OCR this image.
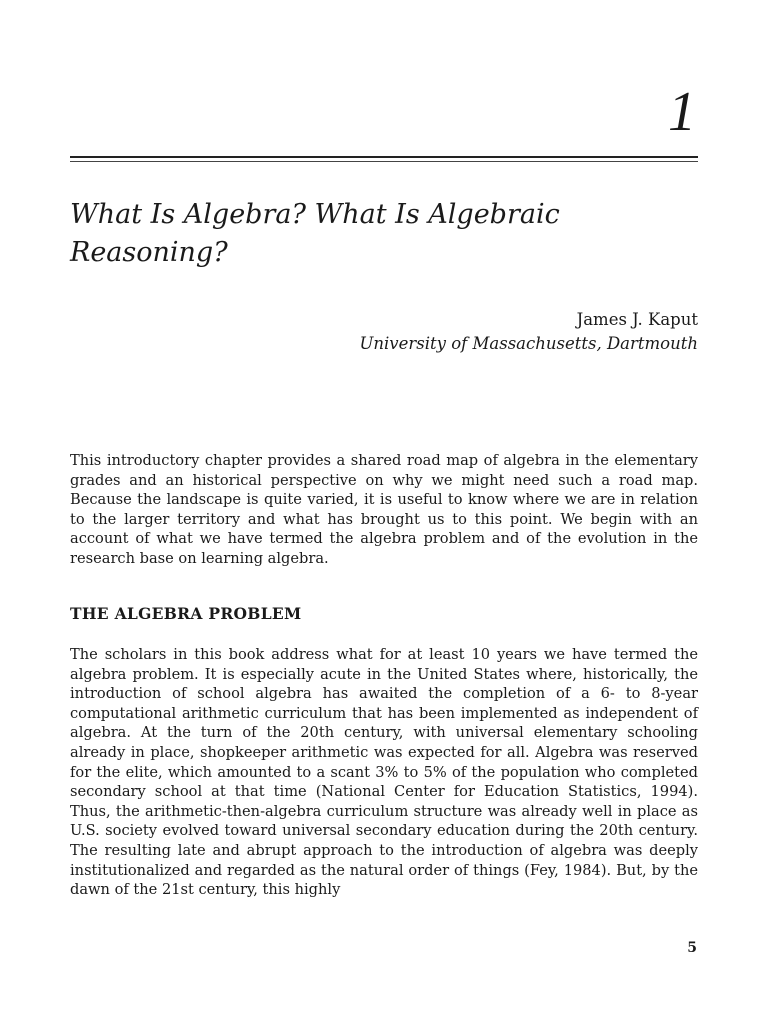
1
What Is Algebra? What Is Algebraic Reasoning?
James J. Kaput
University of Massachusetts, Dartmouth

This introductory chapter provides a shared road map of algebra in the elementary grades and an historical perspective on why we might need such a road map. Because the landscape is quite varied, it is useful to know where we are in relation to the larger territory and what has brought us to this point. We begin with an account of what we have termed the algebra problem and of the evolution in the research base on learning algebra.

THE ALGEBRA PROBLEM

The scholars in this book address what for at least 10 years we have termed the algebra problem. It is especially acute in the United States where, historically, the introduction of school algebra has awaited the completion of a 6- to 8-year computational arithmetic curriculum that has been implemented as independent of algebra. At the turn of the 20th century, with universal elementary schooling already in place, shopkeeper arithmetic was expected for all. Algebra was reserved for the elite, which amounted to a scant 3% to 5% of the population who completed secondary school at that time (National Center for Education Statistics, 1994). Thus, the arithmetic-then-algebra curriculum structure was already well in place as U.S. society evolved toward universal secondary education during the 20th century. The resulting late and abrupt approach to the introduction of algebra was deeply institutionalized and regarded as the natural order of things (Fey, 1984). But, by the dawn of the 21st century, this highly

5
